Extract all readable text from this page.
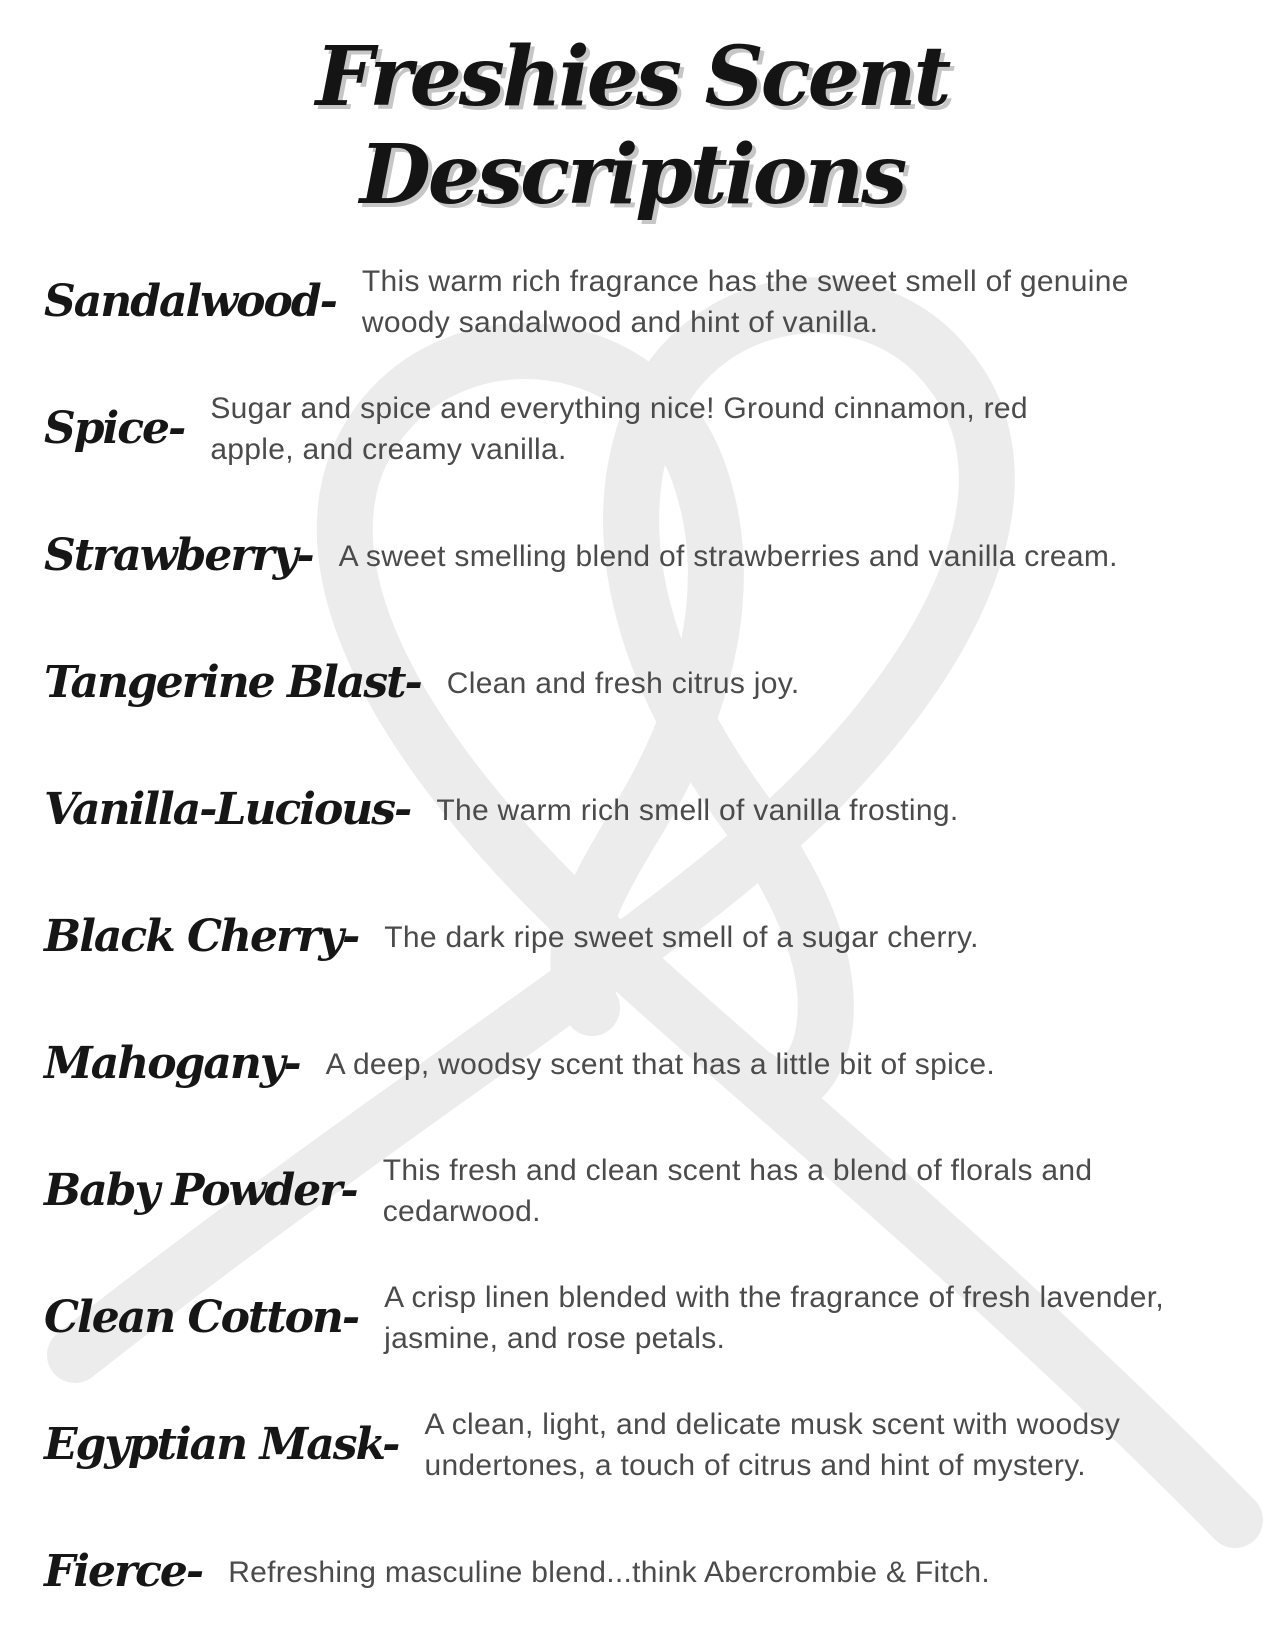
Freshies Scent Descriptions
Sandalwood- This warm rich fragrance has the sweet smell of genuine woody sandalwood and hint of vanilla.
Spice- Sugar and spice and everything nice! Ground cinnamon, red apple, and creamy vanilla.
Strawberry- A sweet smelling blend of strawberries and vanilla cream.
Tangerine Blast- Clean and fresh citrus joy.
Vanilla-Lucious- The warm rich smell of vanilla frosting.
Black Cherry- The dark ripe sweet smell of a sugar cherry.
Mahogany- A deep, woodsy scent that has a little bit of spice.
Baby Powder- This fresh and clean scent has a blend of florals and cedarwood.
Clean Cotton- A crisp linen blended with the fragrance of fresh lavender, jasmine, and rose petals.
Egyptian Mask- A clean, light, and delicate musk scent with woodsy undertones, a touch of citrus and hint of mystery.
Fierce- Refreshing masculine blend...think Abercrombie & Fitch.
